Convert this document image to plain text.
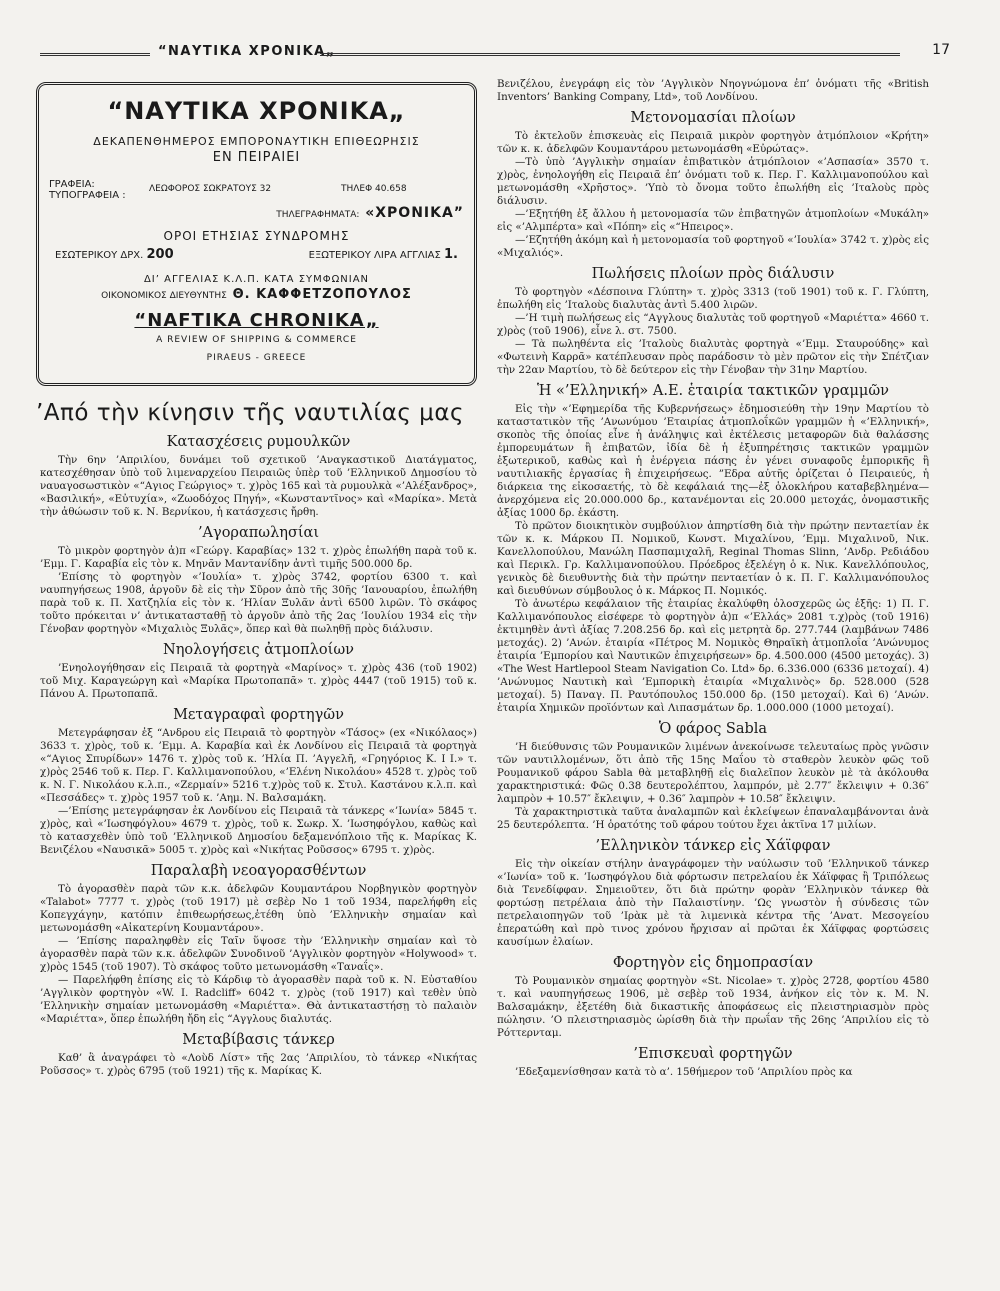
“ΝΑΥΤΙΚΑ ΧΡΟΝΙΚΑ„	17
“ΝΑΥΤΙΚΑ ΧΡΟΝΙΚΑ„
ΔΕΚΑΠΕΝΘΗΜΕΡΟΣ ΕΜΠΟΡΟΝΑΥΤΙΚΗ ΕΠΙΘΕΩΡΗΣΙΣ
ΕΝ ΠΕΙΡΑΙΕΙ
ΓΡΑΦΕΙΑ: ΤΥΠΟΓΡΑΦΕΙΑ :
ΛΕΩΦΟΡΟΣ ΣΩΚΡΑΤΟΥΣ 32	ΤΗΛΕΦ 40.658
ΤΗΛΕΓΡΑΦΗΜΑΤΑ: «ΧΡΟΝΙΚΑ”
ΟΡΟΙ ΕΤΗΣΙΑΣ ΣΥΝΔΡΟΜΗΣ
ΕΣΩΤΕΡΙΚΟΥ ΔΡΧ. 200	ΕΞΩΤΕΡΙΚΟΥ ΛΙΡΑ ΑΓΓΛΙΑΣ 1.
ΔΙ’ ΑΓΓΕΛΙΑΣ Κ.Λ.Π. ΚΑΤΑ ΣΥΜΦΩΝΙΑΝ
ΟΙΚΟΝΟΜΙΚΟΣ ΔΙΕΥΘΥΝΤΗΣ Θ. ΚΑΦΦΕΤΖΟΠΟΥΛΟΣ
“NAFTIKA CHRONIKA„
A REVIEW OF SHIPPING & COMMERCE
PIRAEUS - GREECE
’Από τὴν κίνησιν τῆς ναυτιλίας μας
Κατασχέσεις ρυμουλκῶν

Τὴν 6ην ’Απριλίου, δυνάμει τοῦ σχετικοῦ ’Αναγκαστικοῦ Διατάγματος, κατεσχέθησαν ὑπὸ τοῦ λιμεναρχείου Πειραιῶς ὑπὲρ τοῦ ’Ελληνικοῦ Δημοσίου τὸ ναυαγοσωστικὸν «“Αγιος Γεώργιος» τ. χ)ρὸς 165 καὶ τὰ ρυμουλκὰ «’Αλέξανδρος», «Βασιλική», «Εὐτυχία», «Ζωοδόχος Πηγή», «Κωνσταντῖνος» καὶ «Μαρίκα». Μετὰ τὴν ἀθώωσιν τοῦ κ. Ν. Βερνίκου, ἡ κατάσχεσις ἤρθη.

’Αγοραπωλησίαι

Τὸ μικρὸν φορτηγὸν ἀ)π «Γεώργ. Καραβίας» 132 τ. χ)ρὸς ἐπωλήθη παρὰ τοῦ κ. ’Εμμ. Γ. Καραβία εἰς τὸν κ. Μηνᾶν Μαντανίδην ἀντὶ τιμῆς 500.000 δρ.

’Επίσης τὸ φορτηγὸν «’Ιουλία» τ. χ)ρὸς 3742, φορτίου 6300 τ. καὶ ναυπηγήσεως 1908, ἀργοῦν δὲ εἰς τὴν Σῦρον ἀπὸ τῆς 30ῆς ’Ιανουαρίου, ἐπωλήθη παρὰ τοῦ κ. Π. Χατζηλία εἰς τὸν κ. ’Ηλίαν Ξυλᾶν ἀντὶ 6500 λιρῶν. Τὸ σκάφος τοῦτο πρόκειται ν’ ἀντικατασταθῇ τὸ ἀργοῦν ἀπὸ τῆς 2ας ’Ιουλίου 1934 εἰς τὴν Γένοβαν φορτηγὸν «Μιχαλιὸς Ξυλᾶς», ὅπερ καὶ θὰ πωληθῇ πρὸς διάλυσιν.

Νηολογήσεις ἀτμοπλοίων

’Ενηολογήθησαν εἰς Πειραιᾶ τὰ φορτηγὰ «Μαρίνος» τ. χ)ρὸς 436 (τοῦ 1902) τοῦ Μιχ. Καραγεώργη καὶ «Μαρίκα Πρωτοπαπᾶ» τ. χ)ρὸς 4447 (τοῦ 1915) τοῦ κ. Πάνου Α. Πρωτοπαπᾶ.

Μεταγραφαὶ φορτηγῶν

Μετεγράφησαν ἐξ “Ανδρου εἰς Πειραιᾶ τὸ φορτηγὸν «Τάσος» (ex «Νικόλαος») 3633 τ. χ)ρὸς, τοῦ κ. ’Εμμ. Α. Καραβία καὶ ἐκ Λονδίνου εἰς Πειραιᾶ τὰ φορτηγὰ «“Αγιος Σπυρίδων» 1476 τ. χ)ρὸς τοῦ κ. ’Ηλία Π. ’Αγγελῆ, «Γρηγόριος Κ. Ι Ι.» τ. χ)ρὸς 2546 τοῦ κ. Περ. Γ. Καλλιμανοπούλου, «’Ελένη Νικολάου» 4528 τ. χ)ρὸς τοῦ κ. Ν. Γ. Νικολάου κ.λ.π., «Ζερμαίν» 5216 τ.χ)ρὸς τοῦ κ. Στυλ. Καστάνου κ.λ.π. καὶ «Πεσσάδες» τ. χ)ρὸς 1957 τοῦ κ. ’Αημ. Ν. Βαλσαμάκη.

—’Επίσης μετεγράφησαν ἐκ Λονδίνου εἰς Πειραιᾶ τὰ τάνκερς «’Ιωνία» 5845 τ. χ)ρὸς, καὶ «’Ιωσηφόγλου» 4679 τ. χ)ρὸς, τοῦ κ. Σωκρ. Χ. ’Ιωσηφόγλου, καθὼς καὶ τὸ κατασχεθὲν ὑπὸ τοῦ ’Ελληνικοῦ Δημοσίου δεξαμενόπλοιο τῆς κ. Μαρίκας Κ. Βενιζέλου «Ναυσικᾶ» 5005 τ. χ)ρὸς καὶ «Νικήτας Ροῦσσος» 6795 τ. χ)ρὸς.

Παραλαβὴ νεοαγορασθέντων

Τὸ ἀγορασθὲν παρὰ τῶν κ.κ. ἀδελφῶν Κουμαντάρου Νορβηγικὸν φορτηγὸν «Talabot» 7777 τ. χ)ρὸς (τοῦ 1917) μὲ σεβὲρ Νο 1 τοῦ 1934, παρελήφθη εἰς Κοπεγχάγην, κατόπιν ἐπιθεωρήσεως,ἐτέθη ὑπὸ ’Ελληνικὴν σημαίαν καὶ μετωνομάσθη «Αἰκατερίνη Κουμαντάρου».

— ’Επίσης παραληφθὲν εἰς Ταῖν ὕψοσε τὴν ’Ελληνικὴν σημαίαν καὶ τὸ ἀγορασθὲν παρὰ τῶν κ.κ. ἀδελφῶν Συνοδινοῦ ’Αγγλικὸν φορτηγὸν «Holywood» τ. χ)ρὸς 1545 (τοῦ 1907). Τὸ σκάφος τοῦτο μετωνομάσθη «Ταναΐς».

— Παρελήφθη ἐπίσης εἰς τὸ Κάρδιφ τὸ ἀγορασθὲν παρὰ τοῦ κ. Ν. Εὐσταθίου ’Αγγλικὸν φορτηγὸν «W. I. Radcliff» 6042 τ. χ)ρὸς (τοῦ 1917) καὶ τεθὲν ὑπὸ ’Ελληνικὴν σημαίαν μετωνομάσθη «Μαριέττα». Θὰ ἀντικαταστήσῃ τὸ παλαιὸν «Μαριέττα», ὅπερ ἐπωλήθη ἤδη εἰς “Αγγλους διαλυτάς.

Μεταβίβασις τάνκερ

Καθ’ ἃ ἀναγράφει τὸ «Λοὺδ Λίστ» τῆς 2ας ’Απριλίου, τὸ τάνκερ «Νικήτας Ροῦσσος» τ. χ)ρὸς 6795 (τοῦ 1921) τῆς κ. Μαρίκας Κ.

Βενιζέλου, ἐνεγράφη εἰς τὸν ’Αγγλικὸν Νηογνώμονα ἐπ’ ὀνόματι τῆς «British Inventors’ Banking Company, Ltd», τοῦ Λονδίνου.

Μετονομασίαι πλοίων

Τὸ ἐκτελοῦν ἐπισκευὰς εἰς Πειραιᾶ μικρὸν φορτηγὸν ἀτμόπλοιον «Κρήτη» τῶν κ. κ. ἀδελφῶν Κουμαντάρου μετωνομάσθη «Εὐρώτας».

—Τὸ ὑπὸ ’Αγγλικὴν σημαίαν ἐπιβατικὸν ἀτμόπλοιον «’Ασπασία» 3570 τ. χ)ρὸς, ἐνηολογήθη εἰς Πειραιᾶ ἐπ’ ὀνόματι τοῦ κ. Περ. Γ. Καλλιμανοπούλου καὶ μετωνομάσθη «Χρῆστος». ’Υπὸ τὸ ὄνομα τοῦτο ἐπωλήθη εἰς ’Ιταλοὺς πρὸς διάλυσιν.

—’Εξητήθη ἐξ ἄλλου ἡ μετονομασία τῶν ἐπιβατηγῶν ἀτμοπλοίων «Μυκάλη» εἰς «’Αλμπέρτα» καὶ «Πόπη» εἰς «“Ηπειρος».

—’Εζητήθη ἀκόμη καὶ ἡ μετονομασία τοῦ φορτηγοῦ «’Ιουλία» 3742 τ. χ)ρὸς εἰς «Μιχαλιός».

Πωλήσεις πλοίων πρὸς διάλυσιν

Τὸ φορτηγὸν «Δέσποινα Γλύπτη» τ. χ)ρὸς 3313 (τοῦ 1901) τοῦ κ. Γ. Γλύπτη, ἐπωλήθη εἰς ’Ιταλοὺς διαλυτὰς ἀντὶ 5.400 λιρῶν.

—’Η τιμὴ πωλήσεως εἰς “Αγγλους διαλυτὰς τοῦ φορτηγοῦ «Μαριέττα» 4660 τ. χ)ρὸς (τοῦ 1906), εἶνε λ. στ. 7500.

— Τὰ πωληθέντα εἰς ’Ιταλοὺς διαλυτὰς φορτηγὰ «’Εμμ. Σταυρούδης» καὶ «Φωτεινὴ Καρρᾶ» κατέπλευσαν πρὸς παράδοσιν τὸ μὲν πρῶτον εἰς τὴν Σπέτζιαν τὴν 22αν Μαρτίου, τὸ δὲ δεύτερον εἰς τὴν Γένοβαν τὴν 31ην Μαρτίου.

Ἡ «’Ελληνική» Α.Ε. ἑταιρία τακτικῶν γραμμῶν

Εἰς τὴν «’Εφημερίδα τῆς Κυβερνήσεως» ἐδημοσιεύθη τὴν 19ην Μαρτίου τὸ καταστατικὸν τῆς ’Ανωνύμου ’Εταιρίας ἀτμοπλοΐκῶν γραμμῶν ἡ «’Ελληνική», σκοπὸς τῆς ὁποίας εἶνε ἡ ἀνάληψις καὶ ἐκτέλεσις μεταφορῶν διὰ θαλάσσης ἐμπορευμάτων ἢ ἐπιβατῶν, ἰδία δὲ ἡ ἐξυπηρέτησις τακτικῶν γραμμῶν ἐξωτερικοῦ, καθὼς καὶ ἡ ἐνέργεια πάσης ἐν γένει συναφοῦς ἐμπορικῆς ἢ ναυτιλιακῆς ἐργασίας ἢ ἐπιχειρήσεως. ”Εδρα αὐτῆς ὁρίζεται ὁ Πειραιεύς, ἡ διάρκεια της εἰκοσαετής, τὸ δὲ κεφάλαιά της—ἐξ ὁλοκλήρου καταβεβλημένα—ἀνερχόμενα εἰς 20.000.000 δρ., κατανέμονται εἰς 20.000 μετοχάς, ὀνομαστικῆς ἀξίας 1000 δρ. ἑκάστη.

Τὸ πρῶτον διοικητικὸν συμβούλιον ἀπηρτίσθη διὰ τὴν πρώτην πενταετίαν ἐκ τῶν κ. κ. Μάρκου Π. Νομικοῦ, Κωνστ. Μιχαλίνου, ’Εμμ. Μιχαλινοῦ, Νικ. Κανελλοπούλου, Μανώλη Πασπαμιχαλῆ, Reginal Thomas Slinn, ’Ανδρ. Ρεδιάδου καὶ Περικλ. Γρ. Καλλιμανοπούλου. Πρόεδρος ἐξελέγη ὁ κ. Νικ. Κανελλόπουλος, γενικὸς δὲ διευθυντὴς διὰ τὴν πρώτην πενταετίαν ὁ κ. Π. Γ. Καλλιμανόπουλος καὶ διευθύνων σύμβουλος ὁ κ. Μάρκος Π. Νομικός.

Τὸ ἀνωτέρω κεφάλαιον τῆς ἑταιρίας ἐκαλύφθη ὁλοσχερῶς ὡς ἑξῆς: 1) Π. Γ. Καλλιμανόπουλος εἰσέφερε τὸ φορτηγὸν ἀ)π «’Ελλάς» 2081 τ.χ)ρὸς (τοῦ 1916) ἐκτιμηθὲν ἀντὶ ἀξίας 7.208.256 δρ. καὶ εἰς μετρητὰ δρ. 277.744 (λαμβάνων 7486 μετοχάς). 2) ’Ανών. ἑταιρία «Πέτρος Μ. Νομικὸς Θηραϊκὴ ἀτμοπλοΐα ’Ανώνυμος ἑταιρία ’Εμπορίου καὶ Ναυτικῶν ἐπιχειρήσεων» δρ. 4.500.000 (4500 μετοχάς). 3) «The West Hartlepool Steam Navigation Co. Ltd» δρ. 6.336.000 (6336 μετοχαί). 4) ’Ανώνυμος Ναυτικὴ καὶ ’Εμπορικὴ ἑταιρία «Μιχαλινὸς» δρ. 528.000 (528 μετοχαί). 5) Παναγ. Π. Ραυτόπουλος 150.000 δρ. (150 μετοχαί). Καὶ 6) ’Ανών. ἑταιρία Χημικῶν προϊόντων καὶ Λιπασμάτων δρ. 1.000.000 (1000 μετοχαί).

Ὁ φάρος Sabla

’Η διεύθυνσις τῶν Ρουμανικῶν λιμένων ἀνεκοίνωσε τελευταίως πρὸς γνῶσιν τῶν ναυτιλλομένων, ὅτι ἀπὸ τῆς 15ης Μαΐου τὸ σταθερὸν λευκὸν φῶς τοῦ Ρουμανικοῦ φάρου Sabla θὰ μεταβληθῇ εἰς διαλεῖπον λευκὸν μὲ τὰ ἀκόλουθα χαρακτηριστικά: Φῶς 0.38 δευτερολέπτου, λαμπρόν, μὲ 2.77″ ἔκλειψιν + 0.36″ λαμπρὸν + 10.57″ ἔκλειψιν, + 0.36″ λαμπρὸν + 10.58″ ἔκλειψιν.

Τὰ χαρακτηριστικὰ ταῦτα ἀναλαμπῶν καὶ ἐκλείψεων ἐπαναλαμβάνονται ἀνὰ 25 δευτερόλεπτα. ’Η ὁρατότης τοῦ φάρου τούτου ἔχει ἀκτῖνα 17 μιλίων.

’Ελληνικὸν τάνκερ εἰς Χάϊφφαν

Εἰς τὴν οἰκείαν στήλην ἀναγράφομεν τὴν ναύλωσιν τοῦ ’Ελληνικοῦ τάνκερ «’Ιωνία» τοῦ κ. ’Ιωσηφόγλου διὰ φόρτωσιν πετρελαίου ἐκ Χάϊφφας ἢ Τριπόλεως διὰ Τενεδίφφαν. Σημειοῦτεν, ὅτι διὰ πρώτην φορὰν ’Ελληνικὸν τάνκερ θὰ φορτώσῃ πετρέλαια ἀπὸ τὴν Παλαιστίνην. ’Ως γνωστὸν ἡ σύνδεσις τῶν πετρελαιοπηγῶν τοῦ ’Ιρὰκ μὲ τὰ λιμενικὰ κέντρα τῆς ’Ανατ. Μεσογείου ἐπερατώθη καὶ πρὸ τινος χρόνου ἤρχισαν αἱ πρῶται ἐκ Χάϊφφας φορτώσεις καυσίμων ἐλαίων.

Φορτηγὸν εἰς δημοπρασίαν

Τὸ Ρουμανικὸν σημαίας φορτηγὸν «St. Nicolae» τ. χ)ρὸς 2728, φορτίου 4580 τ. καὶ ναυπηγήσεως 1906, μὲ σεβὲρ τοῦ 1934, ἀνήκον εἰς τὸν κ. Μ. Ν. Βαλσαμάκην, ἐξετέθη διὰ δικαστικῆς ἀποφάσεως εἰς πλειστηριασμὸν πρὸς πώλησιν. ’Ο πλειστηριασμὸς ὡρίσθη διὰ τὴν πρωΐαν τῆς 26ης ’Απριλίου εἰς τὸ Ρόττερνταμ.

’Επισκευαὶ φορτηγῶν

’Εδεξαμενίσθησαν κατὰ τὸ α’. 15θήμερον τοῦ ’Απριλίου πρὸς κα
